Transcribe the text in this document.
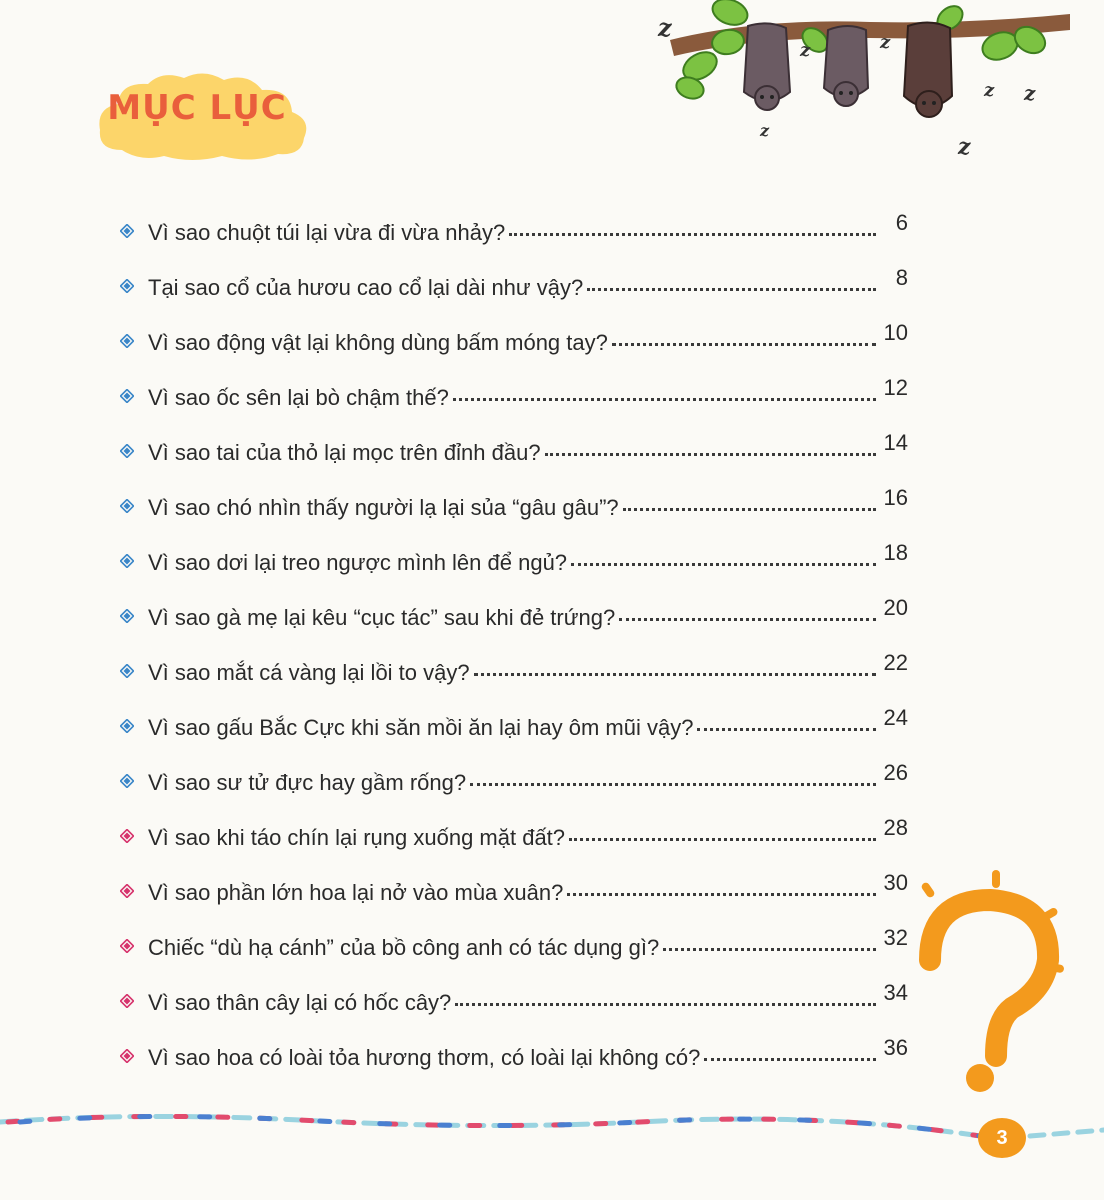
z
z	z
z
z z
z
MỤC LỤC
Vì sao chuột túi lại vừa đi vừa nhảy?	6
Tại sao cổ của hươu cao cổ lại dài như vậy?	8
Vì sao động vật lại không dùng bấm móng tay?	10
Vì sao ốc sên lại bò chậm thế?	12
Vì sao tai của thỏ lại mọc trên đỉnh đầu?	14
Vì sao chó nhìn thấy người lạ lại sủa “gâu gâu”?	16
Vì sao dơi lại treo ngược mình lên để ngủ?	18
Vì sao gà mẹ lại kêu “cục tác” sau khi đẻ trứng?	20
Vì sao mắt cá vàng lại lồi to vậy?	22
Vì sao gấu Bắc Cực khi săn mồi ăn lại hay ôm mũi vậy?	24
Vì sao sư tử đực hay gầm rống?	26
Vì sao khi táo chín lại rụng xuống mặt đất?	28
Vì sao phần lớn hoa lại nở vào mùa xuân?	30
Chiếc “dù hạ cánh” của bồ công anh có tác dụng gì?	32
Vì sao thân cây lại có hốc cây?	34
Vì sao hoa có loài tỏa hương thơm, có loài lại không có?	36
3
